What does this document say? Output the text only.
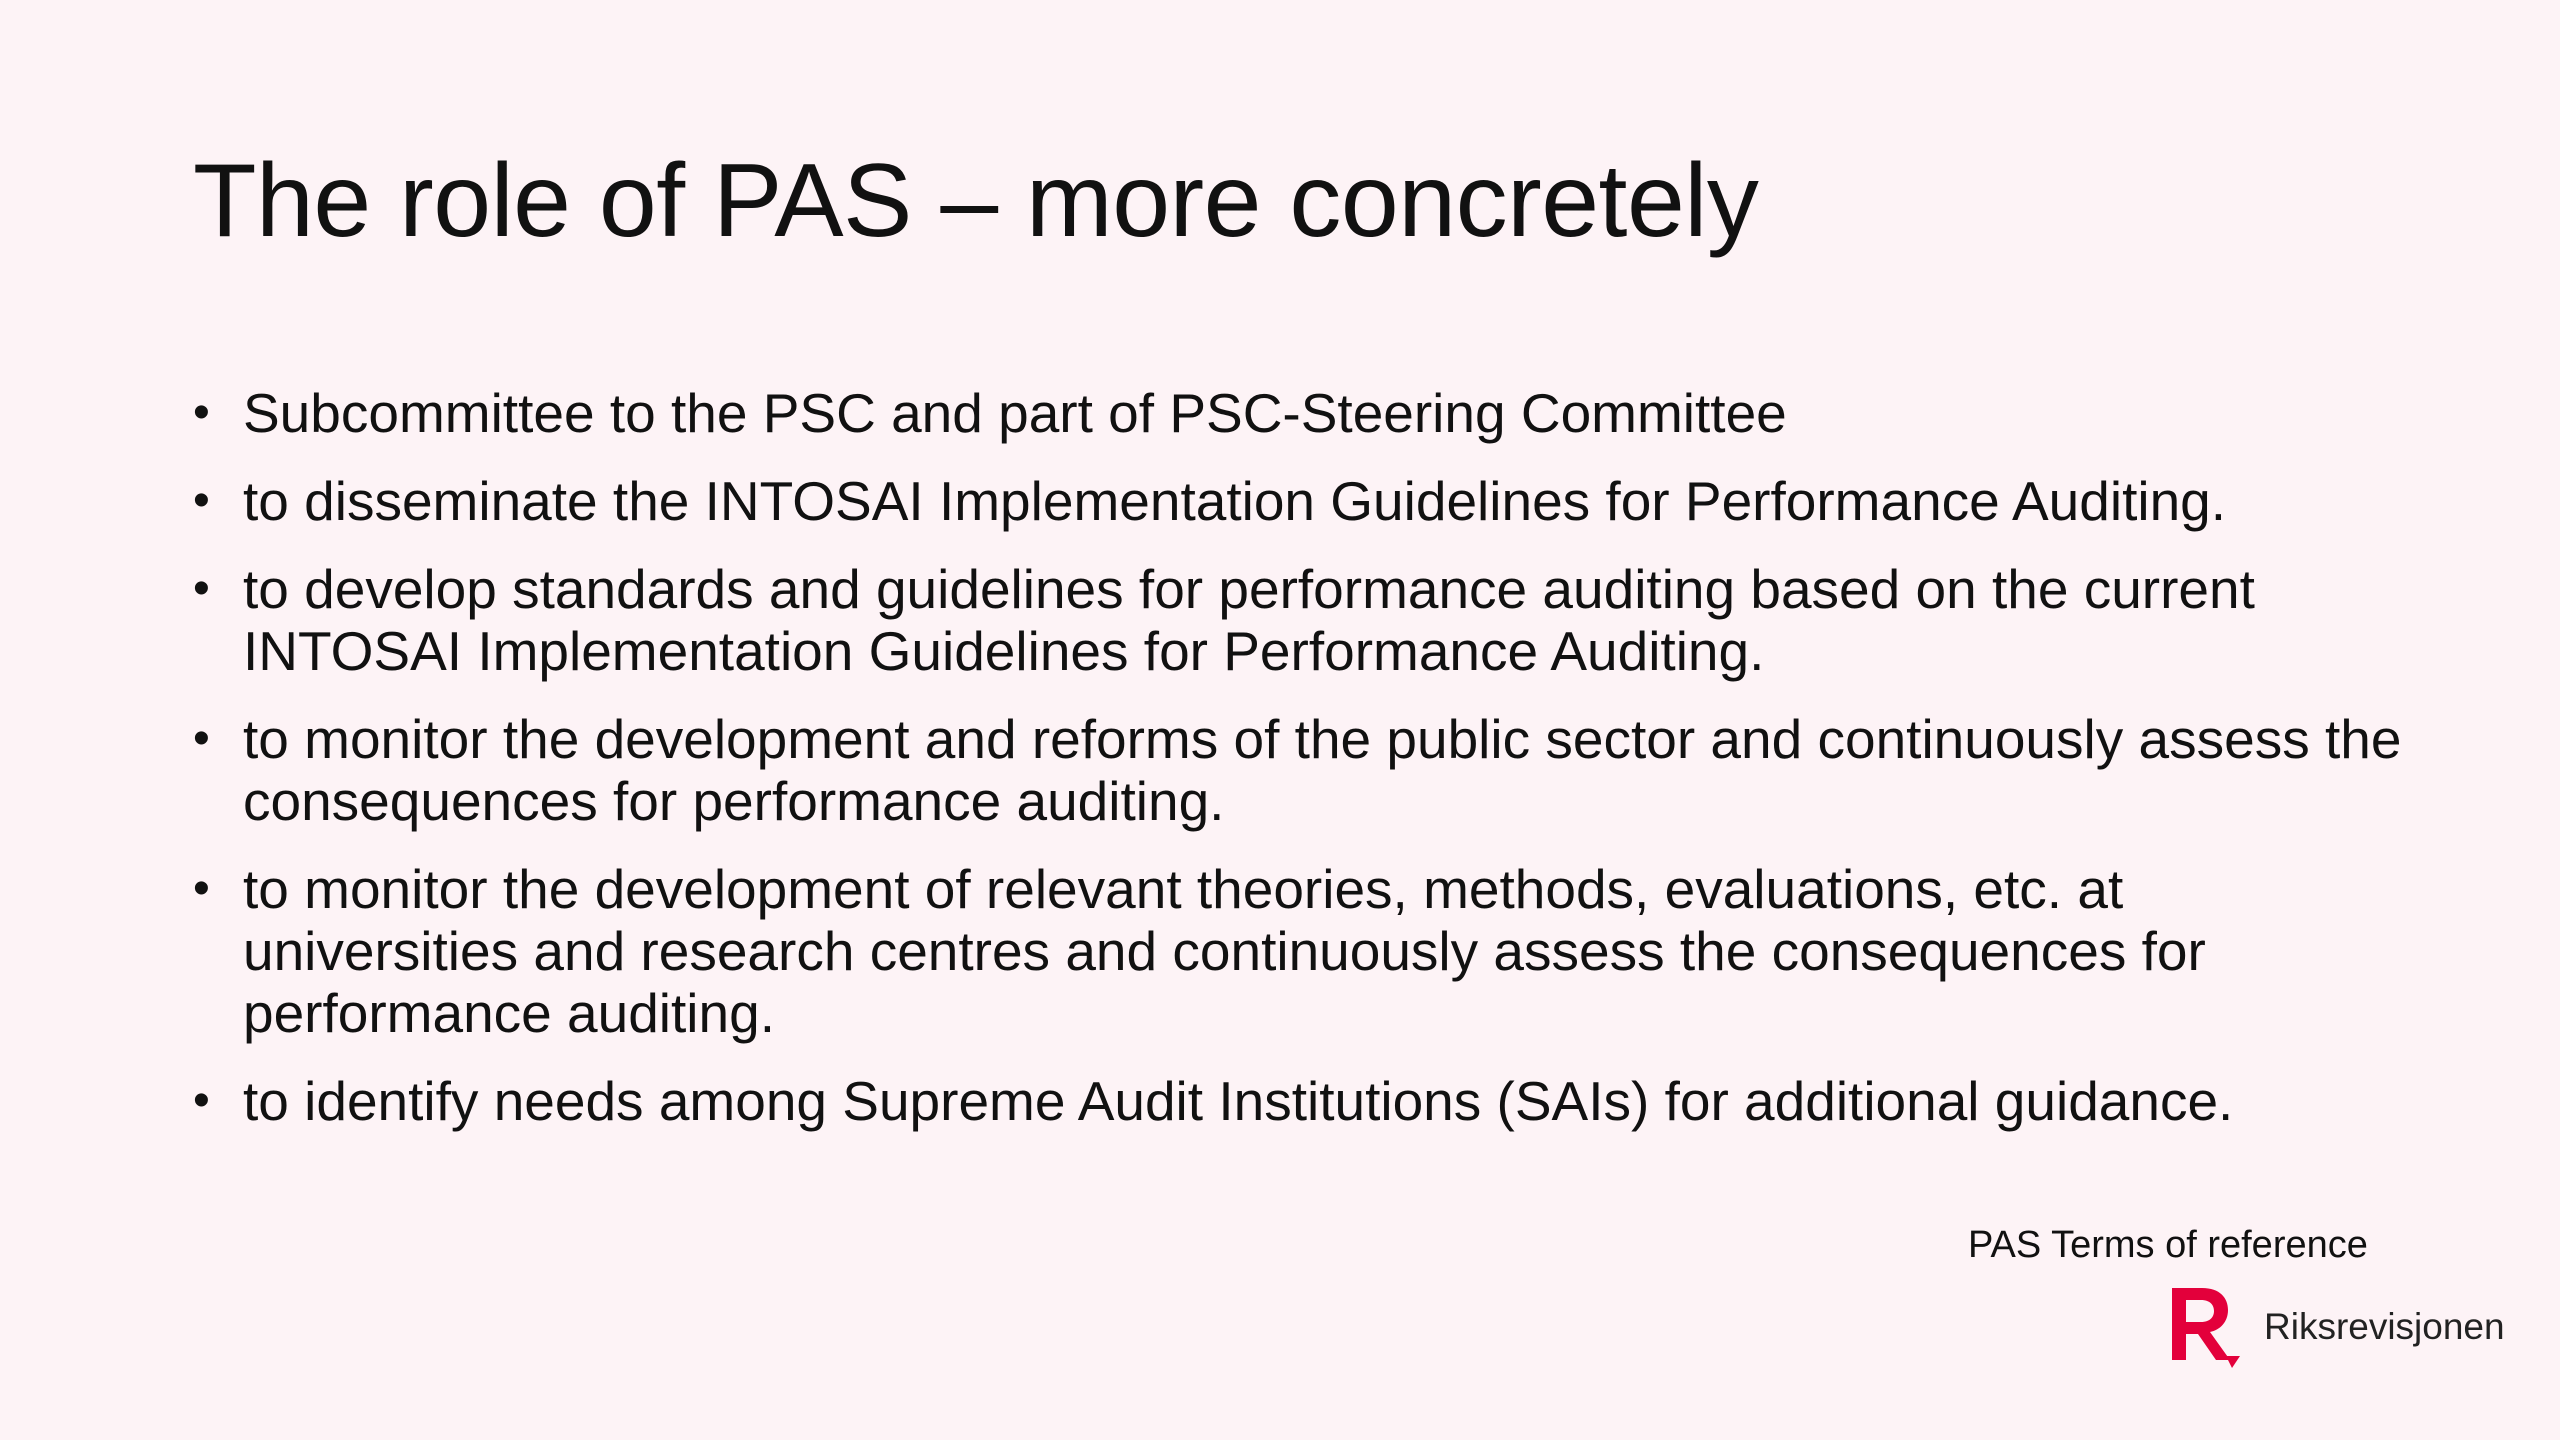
The role of PAS – more concretely
• Subcommittee to the PSC and part of PSC-Steering Committee
• to disseminate the INTOSAI Implementation Guidelines for Performance Auditing.
• to develop standards and guidelines for performance auditing based on the current INTOSAI Implementation Guidelines for Performance Auditing.
• to monitor the development and reforms of the public sector and continuously assess the consequences for performance auditing.
• to monitor the development of relevant theories, methods, evaluations, etc. at universities and research centres and continuously assess the consequences for performance auditing.
• to identify needs among Supreme Audit Institutions (SAIs) for additional guidance.
PAS Terms of reference
Riksrevisjonen
